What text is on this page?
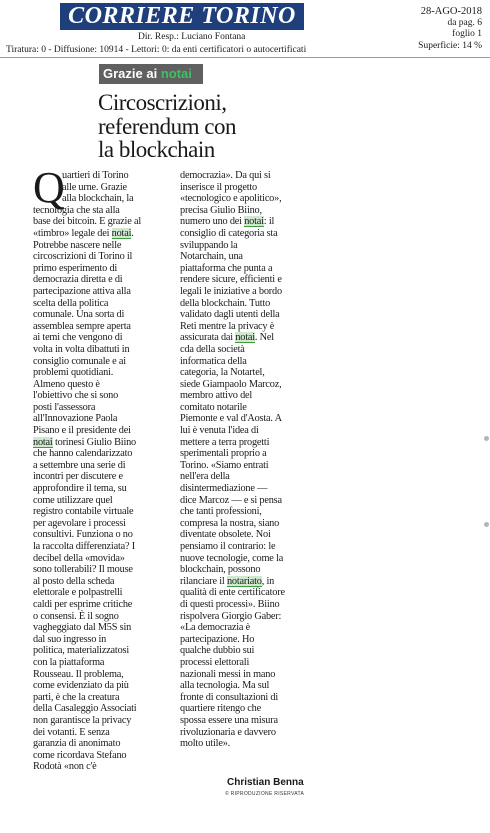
CORRIERE TORINO
Dir. Resp.: Luciano Fontana
Tiratura: 0 - Diffusione: 10914 - Lettori: 0: da enti certificatori o autocertificati
28-AGO-2018
da pag. 6
foglio 1
Superficie: 14 %
Grazie ai notai
Circoscrizioni,
referendum con
la blockchain
Q
uartieri di Torino
alle urne. Grazie
alla blockchain, la
tecnologia che sta alla
base dei bitcoin. E grazie al
«timbro» legale dei notai.
Potrebbe nascere nelle
circoscrizioni di Torino il
primo esperimento di
democrazia diretta e di
partecipazione attiva alla
scelta della politica
comunale. Una sorta di
assemblea sempre aperta
ai temi che vengono di
volta in volta dibattuti in
consiglio comunale e ai
problemi quotidiani.
Almeno questo è
l'obiettivo che si sono
posti l'assessora
all'Innovazione Paola
Pisano e il presidente dei
notai torinesi Giulio Biino
che hanno calendarizzato
a settembre una serie di
incontri per discutere e
approfondire il tema, su
come utilizzare quel
registro contabile virtuale
per agevolare i processi
consultivi. Funziona o no
la raccolta differenziata? I
decibel della «movida»
sono tollerabili? Il mouse
al posto della scheda
elettorale e polpastrelli
caldi per esprime critiche
o consensi. È il sogno
vagheggiato dal M5S sin
dal suo ingresso in
politica, materializzatosi
con la piattaforma
Rousseau. Il problema,
come evidenziato da più
parti, è che la creatura
della Casaleggio Associati
non garantisce la privacy
dei votanti. E senza
garanzia di anonimato
come ricordava Stefano
Rodotà «non c'è
democrazia». Da qui si
inserisce il progetto
«tecnologico e apolitico»,
precisa Giulio Biino,
numero uno dei notai: il
consiglio di categoria sta
sviluppando la
Notarchain, una
piattaforma che punta a
rendere sicure, efficienti e
legali le iniziative a bordo
della blockchain. Tutto
validato dagli utenti della
Reti mentre la privacy è
assicurata dai notai. Nel
cda della società
informatica della
categoria, la Notartel,
siede Giampaolo Marcoz,
membro attivo del
comitato notarile
Piemonte e val d'Aosta. A
lui è venuta l'idea di
mettere a terra progetti
sperimentali proprio a
Torino. «Siamo entrati
nell'era della
disintermediazione —
dice Marcoz — e si pensa
che tanti professioni,
compresa la nostra, siano
diventate obsolete. Noi
pensiamo il contrario: le
nuove tecnologie, come la
blockchain, possono
rilanciare il notariato, in
qualità di ente certificatore
di questi processi». Biino
rispolvera Giorgio Gaber:
«La democrazia è
partecipazione. Ho
qualche dubbio sui
processi elettorali
nazionali messi in mano
alla tecnologia. Ma sul
fronte di consultazioni di
quartiere ritengo che
spossa essere una misura
rivoluzionaria e davvero
molto utile».
Christian Benna
© RIPRODUZIONE RISERVATA
